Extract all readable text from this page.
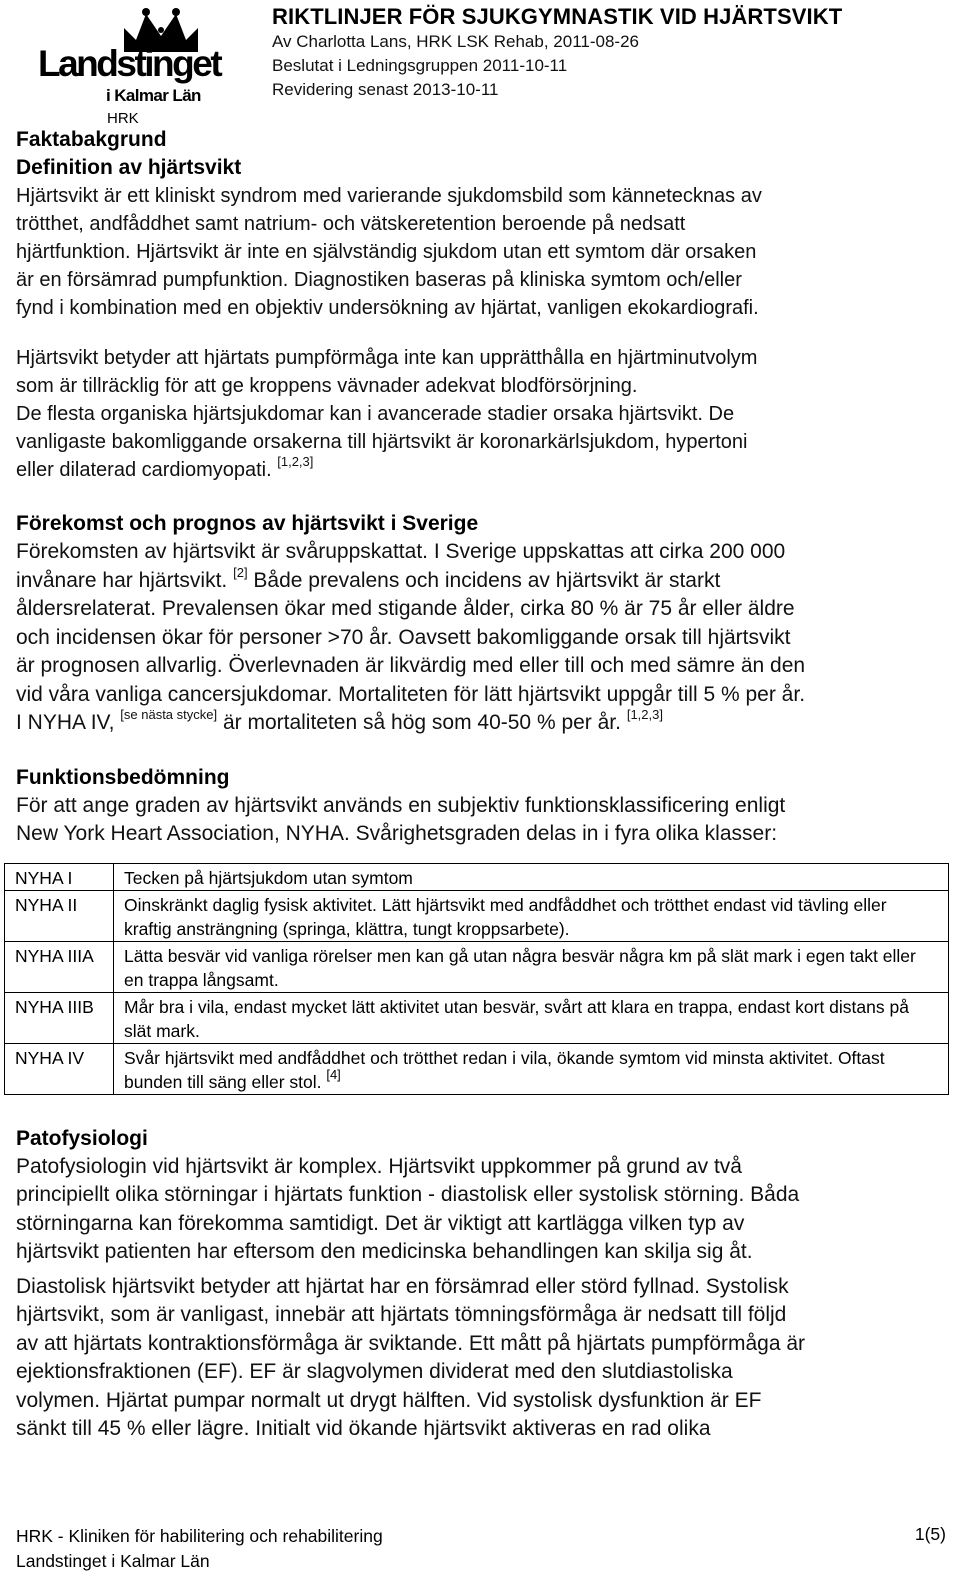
Landstinget
i Kalmar Län
HRK
RIKTLINJER FÖR SJUKGYMNASTIK VID HJÄRTSVIKT
Av Charlotta Lans, HRK LSK Rehab, 2011-08-26
Beslutat i Ledningsgruppen 2011-10-11
Revidering senast 2013-10-11

Faktabakgrund

Definition av hjärtsvikt

Hjärtsvikt är ett kliniskt syndrom med varierande sjukdomsbild som kännetecknas av

trötthet, andfåddhet samt natrium- och vätskeretention beroende på nedsatt

hjärtfunktion. Hjärtsvikt är inte en självständig sjukdom utan ett symtom där orsaken

är en försämrad pumpfunktion. Diagnostiken baseras på kliniska symtom och/eller

fynd i kombination med en objektiv undersökning av hjärtat, vanligen ekokardiografi.

Hjärtsvikt betyder att hjärtats pumpförmåga inte kan upprätthålla en hjärtminutvolym

som är tillräcklig för att ge kroppens vävnader adekvat blodförsörjning.

De flesta organiska hjärtsjukdomar kan i avancerade stadier orsaka hjärtsvikt. De

vanligaste bakomliggande orsakerna till hjärtsvikt är koronarkärlsjukdom, hypertoni

eller dilaterad cardiomyopati. [1,2,3]

Förekomst och prognos av hjärtsvikt i Sverige

Förekomsten av hjärtsvikt är svåruppskattat. I Sverige uppskattas att cirka 200 000

invånare har hjärtsvikt. [2] Både prevalens och incidens av hjärtsvikt är starkt

åldersrelaterat. Prevalensen ökar med stigande ålder, cirka 80 % är 75 år eller äldre

och incidensen ökar för personer >70 år. Oavsett bakomliggande orsak till hjärtsvikt

är prognosen allvarlig. Överlevnaden är likvärdig med eller till och med sämre än den

vid våra vanliga cancersjukdomar. Mortaliteten för lätt hjärtsvikt uppgår till 5 % per år.

I NYHA IV, [se nästa stycke] är mortaliteten så hög som 40-50 % per år. [1,2,3]

Funktionsbedömning

För att ange graden av hjärtsvikt används en subjektiv funktionsklassificering enligt

New York Heart Association, NYHA. Svårighetsgraden delas in i fyra olika klasser:

NYHA I	Tecken på hjärtsjukdom utan symtom
NYHA II	Oinskränkt daglig fysisk aktivitet. Lätt hjärtsvikt med andfåddhet och trötthet endast vid tävling eller kraftig ansträngning (springa, klättra, tungt kroppsarbete).
NYHA IIIA	Lätta besvär vid vanliga rörelser men kan gå utan några besvär några km på slät mark i egen takt eller en trappa långsamt.
NYHA IIIB	Mår bra i vila, endast mycket lätt aktivitet utan besvär, svårt att klara en trappa, endast kort distans på slät mark.
NYHA IV	Svår hjärtsvikt med andfåddhet och trötthet redan i vila, ökande symtom vid minsta aktivitet. Oftast bunden till säng eller stol. [4]

Patofysiologi

Patofysiologin vid hjärtsvikt är komplex. Hjärtsvikt uppkommer på grund av två

principiellt olika störningar i hjärtats funktion - diastolisk eller systolisk störning. Båda

störningarna kan förekomma samtidigt. Det är viktigt att kartlägga vilken typ av

hjärtsvikt patienten har eftersom den medicinska behandlingen kan skilja sig åt.

Diastolisk hjärtsvikt betyder att hjärtat har en försämrad eller störd fyllnad. Systolisk

hjärtsvikt, som är vanligast, innebär att hjärtats tömningsförmåga är nedsatt till följd

av att hjärtats kontraktionsförmåga är sviktande. Ett mått på hjärtats pumpförmåga är

ejektionsfraktionen (EF). EF är slagvolymen dividerat med den slutdiastoliska

volymen. Hjärtat pumpar normalt ut drygt hälften. Vid systolisk dysfunktion är EF

sänkt till 45 % eller lägre. Initialt vid ökande hjärtsvikt aktiveras en rad olika

HRK - Kliniken för habilitering och rehabilitering
Landstinget i Kalmar Län
1(5)
